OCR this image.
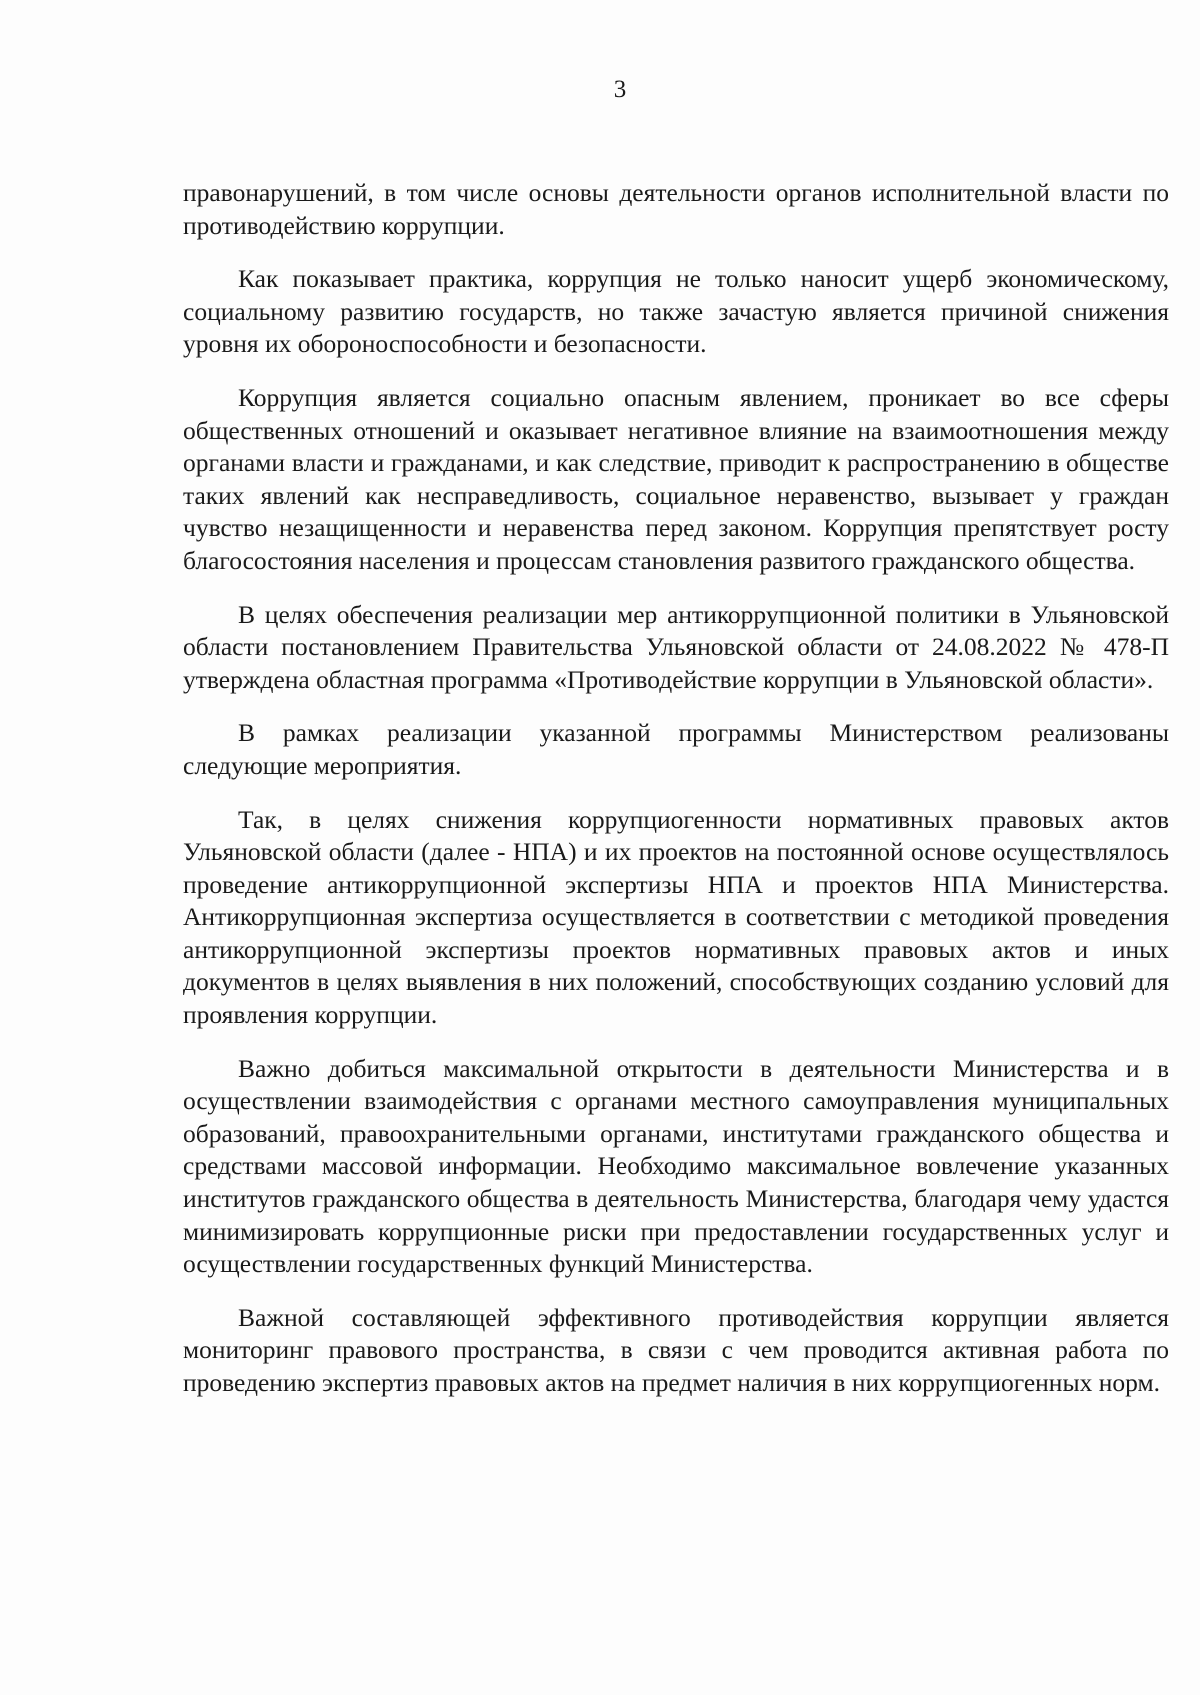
3

правонарушений, в том числе основы деятельности органов исполнительной власти по противодействию коррупции.

Как показывает практика, коррупция не только наносит ущерб экономическому, социальному развитию государств, но также зачастую является причиной снижения уровня их обороноспособности и безопасности.

Коррупция является социально опасным явлением, проникает во все сферы общественных отношений и оказывает негативное влияние на взаимоотношения между органами власти и гражданами, и как следствие, приводит к распространению в обществе таких явлений как несправедливость, социальное неравенство, вызывает у граждан чувство незащищенности и неравенства перед законом. Коррупция препятствует росту благосостояния населения и процессам становления развитого гражданского общества.

В целях обеспечения реализации мер антикоррупционной политики в Ульяновской области постановлением Правительства Ульяновской области от 24.08.2022 № 478-П утверждена областная программа «Противодействие коррупции в Ульяновской области».

В рамках реализации указанной программы Министерством реализованы следующие мероприятия.

Так, в целях снижения коррупциогенности нормативных правовых актов Ульяновской области (далее - НПА) и их проектов на постоянной основе осуществлялось проведение антикоррупционной экспертизы НПА и проектов НПА Министерства. Антикоррупционная экспертиза осуществляется в соответствии с методикой проведения антикоррупционной экспертизы проектов нормативных правовых актов и иных документов в целях выявления в них положений, способствующих созданию условий для проявления коррупции.

Важно добиться максимальной открытости в деятельности Министерства и в осуществлении взаимодействия с органами местного самоуправления муниципальных образований, правоохранительными органами, институтами гражданского общества и средствами массовой информации. Необходимо максимальное вовлечение указанных институтов гражданского общества в деятельность Министерства, благодаря чему удастся минимизировать коррупционные риски при предоставлении государственных услуг и осуществлении государственных функций Министерства.

Важной составляющей эффективного противодействия коррупции является мониторинг правового пространства, в связи с чем проводится активная работа по проведению экспертиз правовых актов на предмет наличия в них коррупциогенных норм.
